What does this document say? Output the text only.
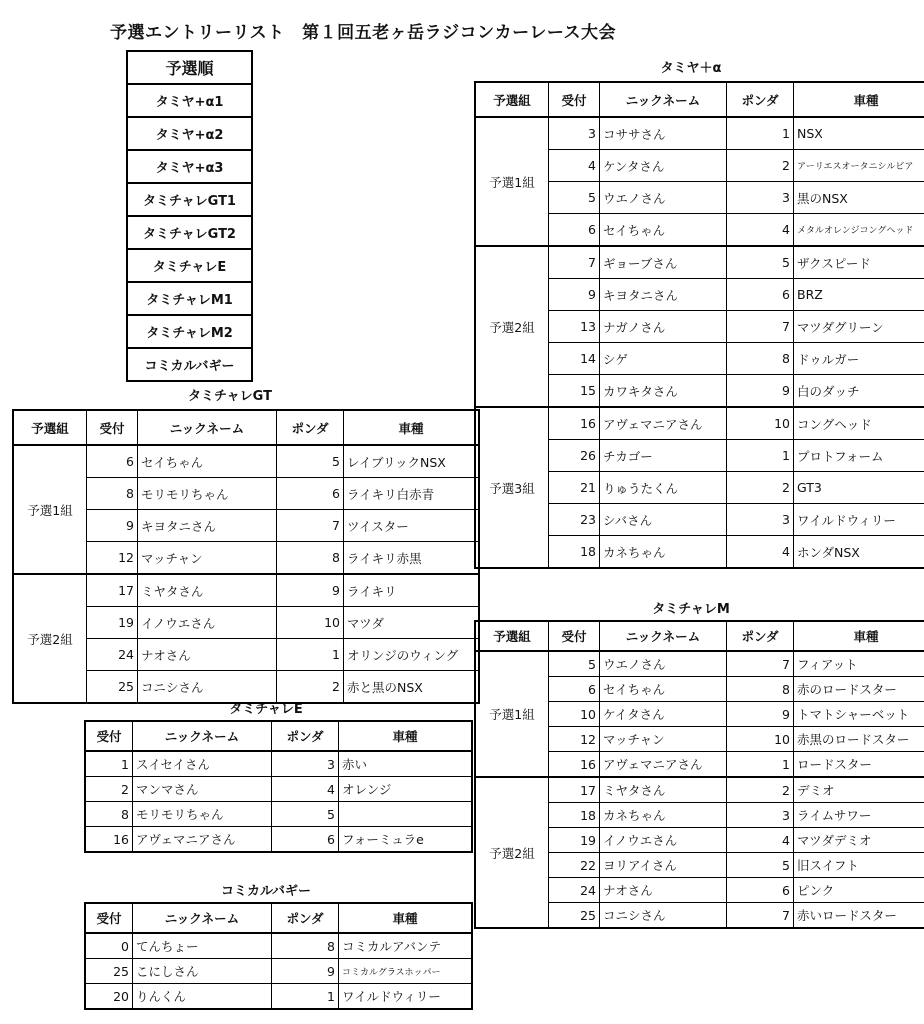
予選エントリーリスト　第１回五老ヶ岳ラジコンカーレース大会
予選順
タミヤ+α1
タミヤ+α2
タミヤ+α3
タミチャレGT1
タミチャレGT2
タミチャレE
タミチャレM1
タミチャレM2
コミカルバギー
タミチャレGT
タミチャレE
コミカルバギー
タミヤ＋α
タミチャレM
予選組	受付	ニックネーム	ポンダ	車種
予選1組	6	セイちゃん	5	レイブリックNSX
	8	モリモリちゃん	6	ライキリ白赤青
	9	キヨタニさん	7	ツイスター
	12	マッチャン	8	ライキリ赤黒
予選2組	17	ミヤタさん	9	ライキリ
	19	イノウエさん	10	マツダ
	24	ナオさん	1	オリンジのウィング
	25	コニシさん	2	赤と黒のNSX
受付	ニックネーム	ポンダ	車種
1	スイセイさん	3	赤い
2	マンマさん	4	オレンジ
8	モリモリちゃん	5	
16	アヴェマニアさん	6	フォーミュラe
受付	ニックネーム	ポンダ	車種
0	てんちょー	8	コミカルアバンテ
25	こにしさん	9	コミカルグラスホッパー
20	りんくん	1	ワイルドウィリー
予選組	受付	ニックネーム	ポンダ	車種
予選1組	3	コササさん	1	NSX
	4	ケンタさん	2	アーリエスオータニシルビア
	5	ウエノさん	3	黒のNSX
	6	セイちゃん	4	メタルオレンジコングヘッド
予選2組	7	ギョーブさん	5	ザクスピード
	9	キヨタニさん	6	BRZ
	13	ナガノさん	7	マツダグリーン
	14	シゲ	8	ドゥルガー
	15	カワキタさん	9	白のダッチ
予選3組	16	アヴェマニアさん	10	コングヘッド
	26	チカゴー	1	プロトフォーム
	21	りゅうたくん	2	GT3
	23	シバさん	3	ワイルドウィリー
	18	カネちゃん	4	ホンダNSX
予選組	受付	ニックネーム	ポンダ	車種
予選1組	5	ウエノさん	7	フィアット
	6	セイちゃん	8	赤のロードスター
	10	ケイタさん	9	トマトシャーベット
	12	マッチャン	10	赤黒のロードスター
	16	アヴェマニアさん	1	ロードスター
予選2組	17	ミヤタさん	2	デミオ
	18	カネちゃん	3	ライムサワー
	19	イノウエさん	4	マツダデミオ
	22	ヨリアイさん	5	旧スイフト
	24	ナオさん	6	ピンク
	25	コニシさん	7	赤いロードスター
